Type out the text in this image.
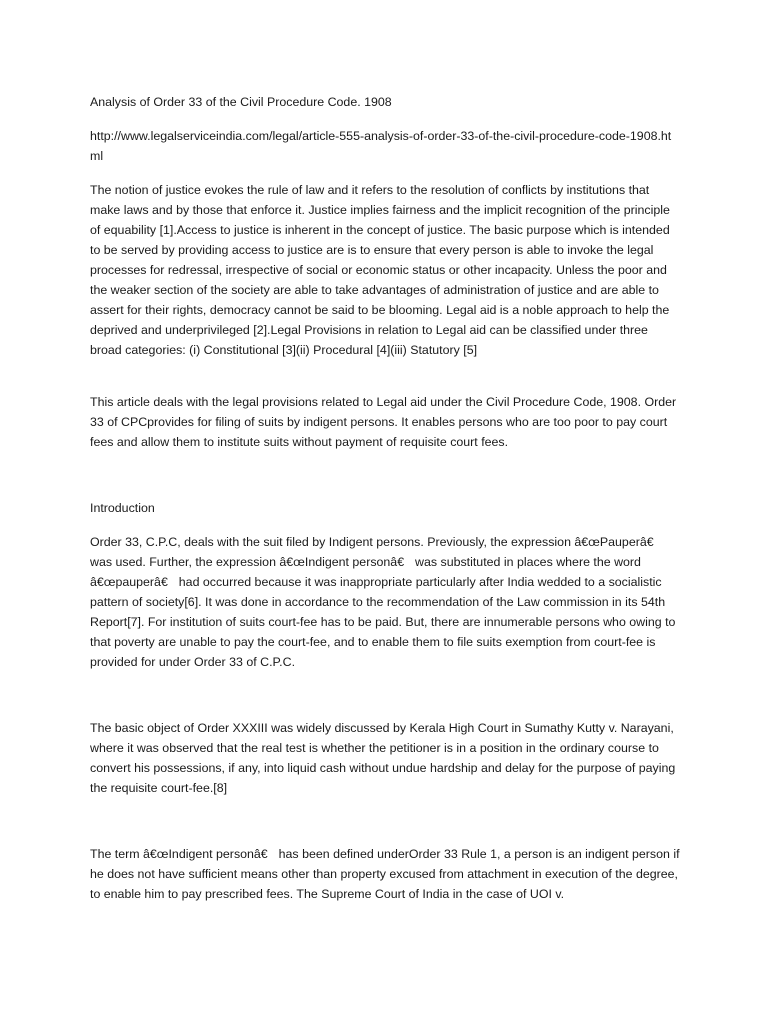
Analysis of Order 33 of the Civil Procedure Code. 1908

http://www.legalserviceindia.com/legal/article-555-analysis-of-order-33-of-the-civil-procedure-code-1908.html

The notion of justice evokes the rule of law and it refers to the resolution of conflicts by institutions that make laws and by those that enforce it. Justice implies fairness and the implicit recognition of the principle of equability [1].Access to justice is inherent in the concept of justice. The basic purpose which is intended to be served by providing access to justice are is to ensure that every person is able to invoke the legal processes for redressal, irrespective of social or economic status or other incapacity. Unless the poor and the weaker section of the society are able to take advantages of administration of justice and are able to assert for their rights, democracy cannot be said to be blooming. Legal aid is a noble approach to help the deprived and underprivileged [2].Legal Provisions in relation to Legal aid can be classified under three broad categories: (i) Constitutional [3](ii) Procedural [4](iii) Statutory [5]

This article deals with the legal provisions related to Legal aid under the Civil Procedure Code, 1908. Order 33 of CPCprovides for filing of suits by indigent persons. It enables persons who are too poor to pay court fees and allow them to institute suits without payment of requisite court fees.

Introduction

Order 33, C.P.C, deals with the suit filed by Indigent persons. Previously, the expression â€œPauperâ€ was used. Further, the expression â€œIndigent personâ€ was substituted in places where the word â€œpauperâ€ had occurred because it was inappropriate particularly after India wedded to a socialistic pattern of society[6]. It was done in accordance to the recommendation of the Law commission in its 54th Report[7]. For institution of suits court-fee has to be paid. But, there are innumerable persons who owing to that poverty are unable to pay the court-fee, and to enable them to file suits exemption from court-fee is provided for under Order 33 of C.P.C.

The basic object of Order XXXIII was widely discussed by Kerala High Court in Sumathy Kutty v. Narayani, where it was observed that the real test is whether the petitioner is in a position in the ordinary course to convert his possessions, if any, into liquid cash without undue hardship and delay for the purpose of paying the requisite court-fee.[8]

The term â€œIndigent personâ€ has been defined underOrder 33 Rule 1, a person is an indigent person if he does not have sufficient means other than property excused from attachment in execution of the degree, to enable him to pay prescribed fees. The Supreme Court of India in the case of UOI v.
